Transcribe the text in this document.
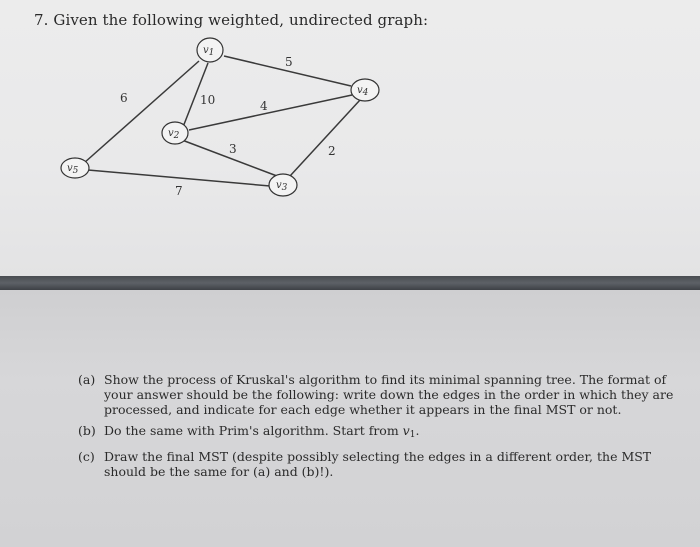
7. Given the following weighted, undirected graph:
6	10
5
4
3	2
7
v1
v2
v3
v4
v5
(a) Show the process of Kruskal's algorithm to find its minimal spanning tree. The format of your answer should be the following: write down the edges in the order in which they are processed, and indicate for each edge whether it appears in the final MST or not.
(b) Do the same with Prim's algorithm. Start from $v_1$.
(c) Draw the final MST (despite possibly selecting the edges in a different order, the MST should be the same for (a) and (b)!).
